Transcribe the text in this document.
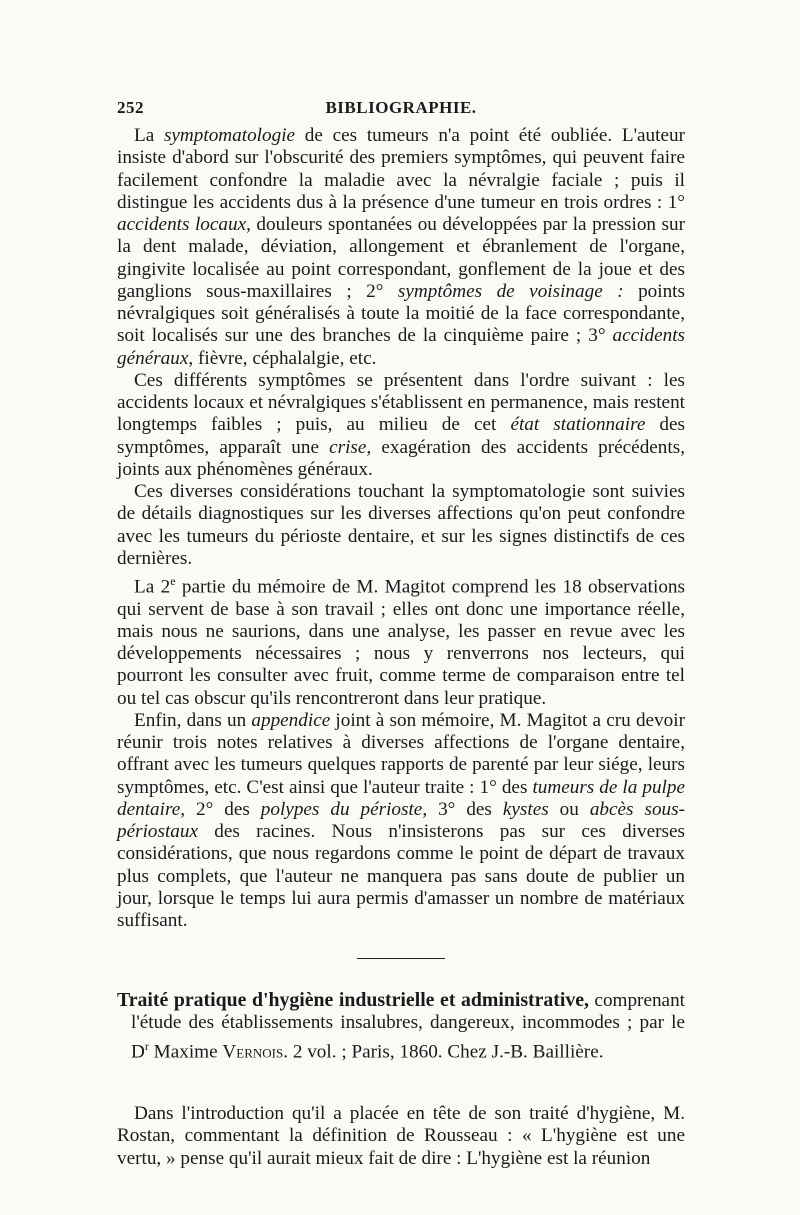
252	BIBLIOGRAPHIE.

La symptomatologie de ces tumeurs n'a point été oubliée. L'auteur insiste d'abord sur l'obscurité des premiers symptômes, qui peuvent faire facilement confondre la maladie avec la névralgie faciale ; puis il distingue les accidents dus à la présence d'une tumeur en trois ordres : 1° accidents locaux, douleurs spontanées ou développées par la pression sur la dent malade, déviation, allongement et ébranlement de l'organe, gingivite localisée au point correspondant, gonflement de la joue et des ganglions sous-maxillaires ; 2° symptômes de voisinage : points névralgiques soit généralisés à toute la moitié de la face correspondante, soit localisés sur une des branches de la cinquième paire ; 3° accidents généraux, fièvre, céphalalgie, etc.

Ces différents symptômes se présentent dans l'ordre suivant : les accidents locaux et névralgiques s'établissent en permanence, mais restent longtemps faibles ; puis, au milieu de cet état stationnaire des symptômes, apparaît une crise, exagération des accidents précédents, joints aux phénomènes généraux.

Ces diverses considérations touchant la symptomatologie sont suivies de détails diagnostiques sur les diverses affections qu'on peut confondre avec les tumeurs du périoste dentaire, et sur les signes distinctifs de ces dernières.

La 2e partie du mémoire de M. Magitot comprend les 18 observations qui servent de base à son travail ; elles ont donc une importance réelle, mais nous ne saurions, dans une analyse, les passer en revue avec les développements nécessaires ; nous y renverrons nos lecteurs, qui pourront les consulter avec fruit, comme terme de comparaison entre tel ou tel cas obscur qu'ils rencontreront dans leur pratique.

Enfin, dans un appendice joint à son mémoire, M. Magitot a cru devoir réunir trois notes relatives à diverses affections de l'organe dentaire, offrant avec les tumeurs quelques rapports de parenté par leur siége, leurs symptômes, etc. C'est ainsi que l'auteur traite : 1° des tumeurs de la pulpe dentaire, 2° des polypes du périoste, 3° des kystes ou abcès sous-périostaux des racines. Nous n'insisterons pas sur ces diverses considérations, que nous regardons comme le point de départ de travaux plus complets, que l'auteur ne manquera pas sans doute de publier un jour, lorsque le temps lui aura permis d'amasser un nombre de matériaux suffisant.

Traité pratique d'hygiène industrielle et administrative, comprenant l'étude des établissements insalubres, dangereux, incommodes ; par le $D^r$ Maxime Vernois. 2 vol. ; Paris, 1860. Chez J.-B. Baillière.

Dans l'introduction qu'il a placée en tête de son traité d'hygiène, M. Rostan, commentant la définition de Rousseau : « L'hygiène est une vertu, » pense qu'il aurait mieux fait de dire : L'hygiène est la réunion
